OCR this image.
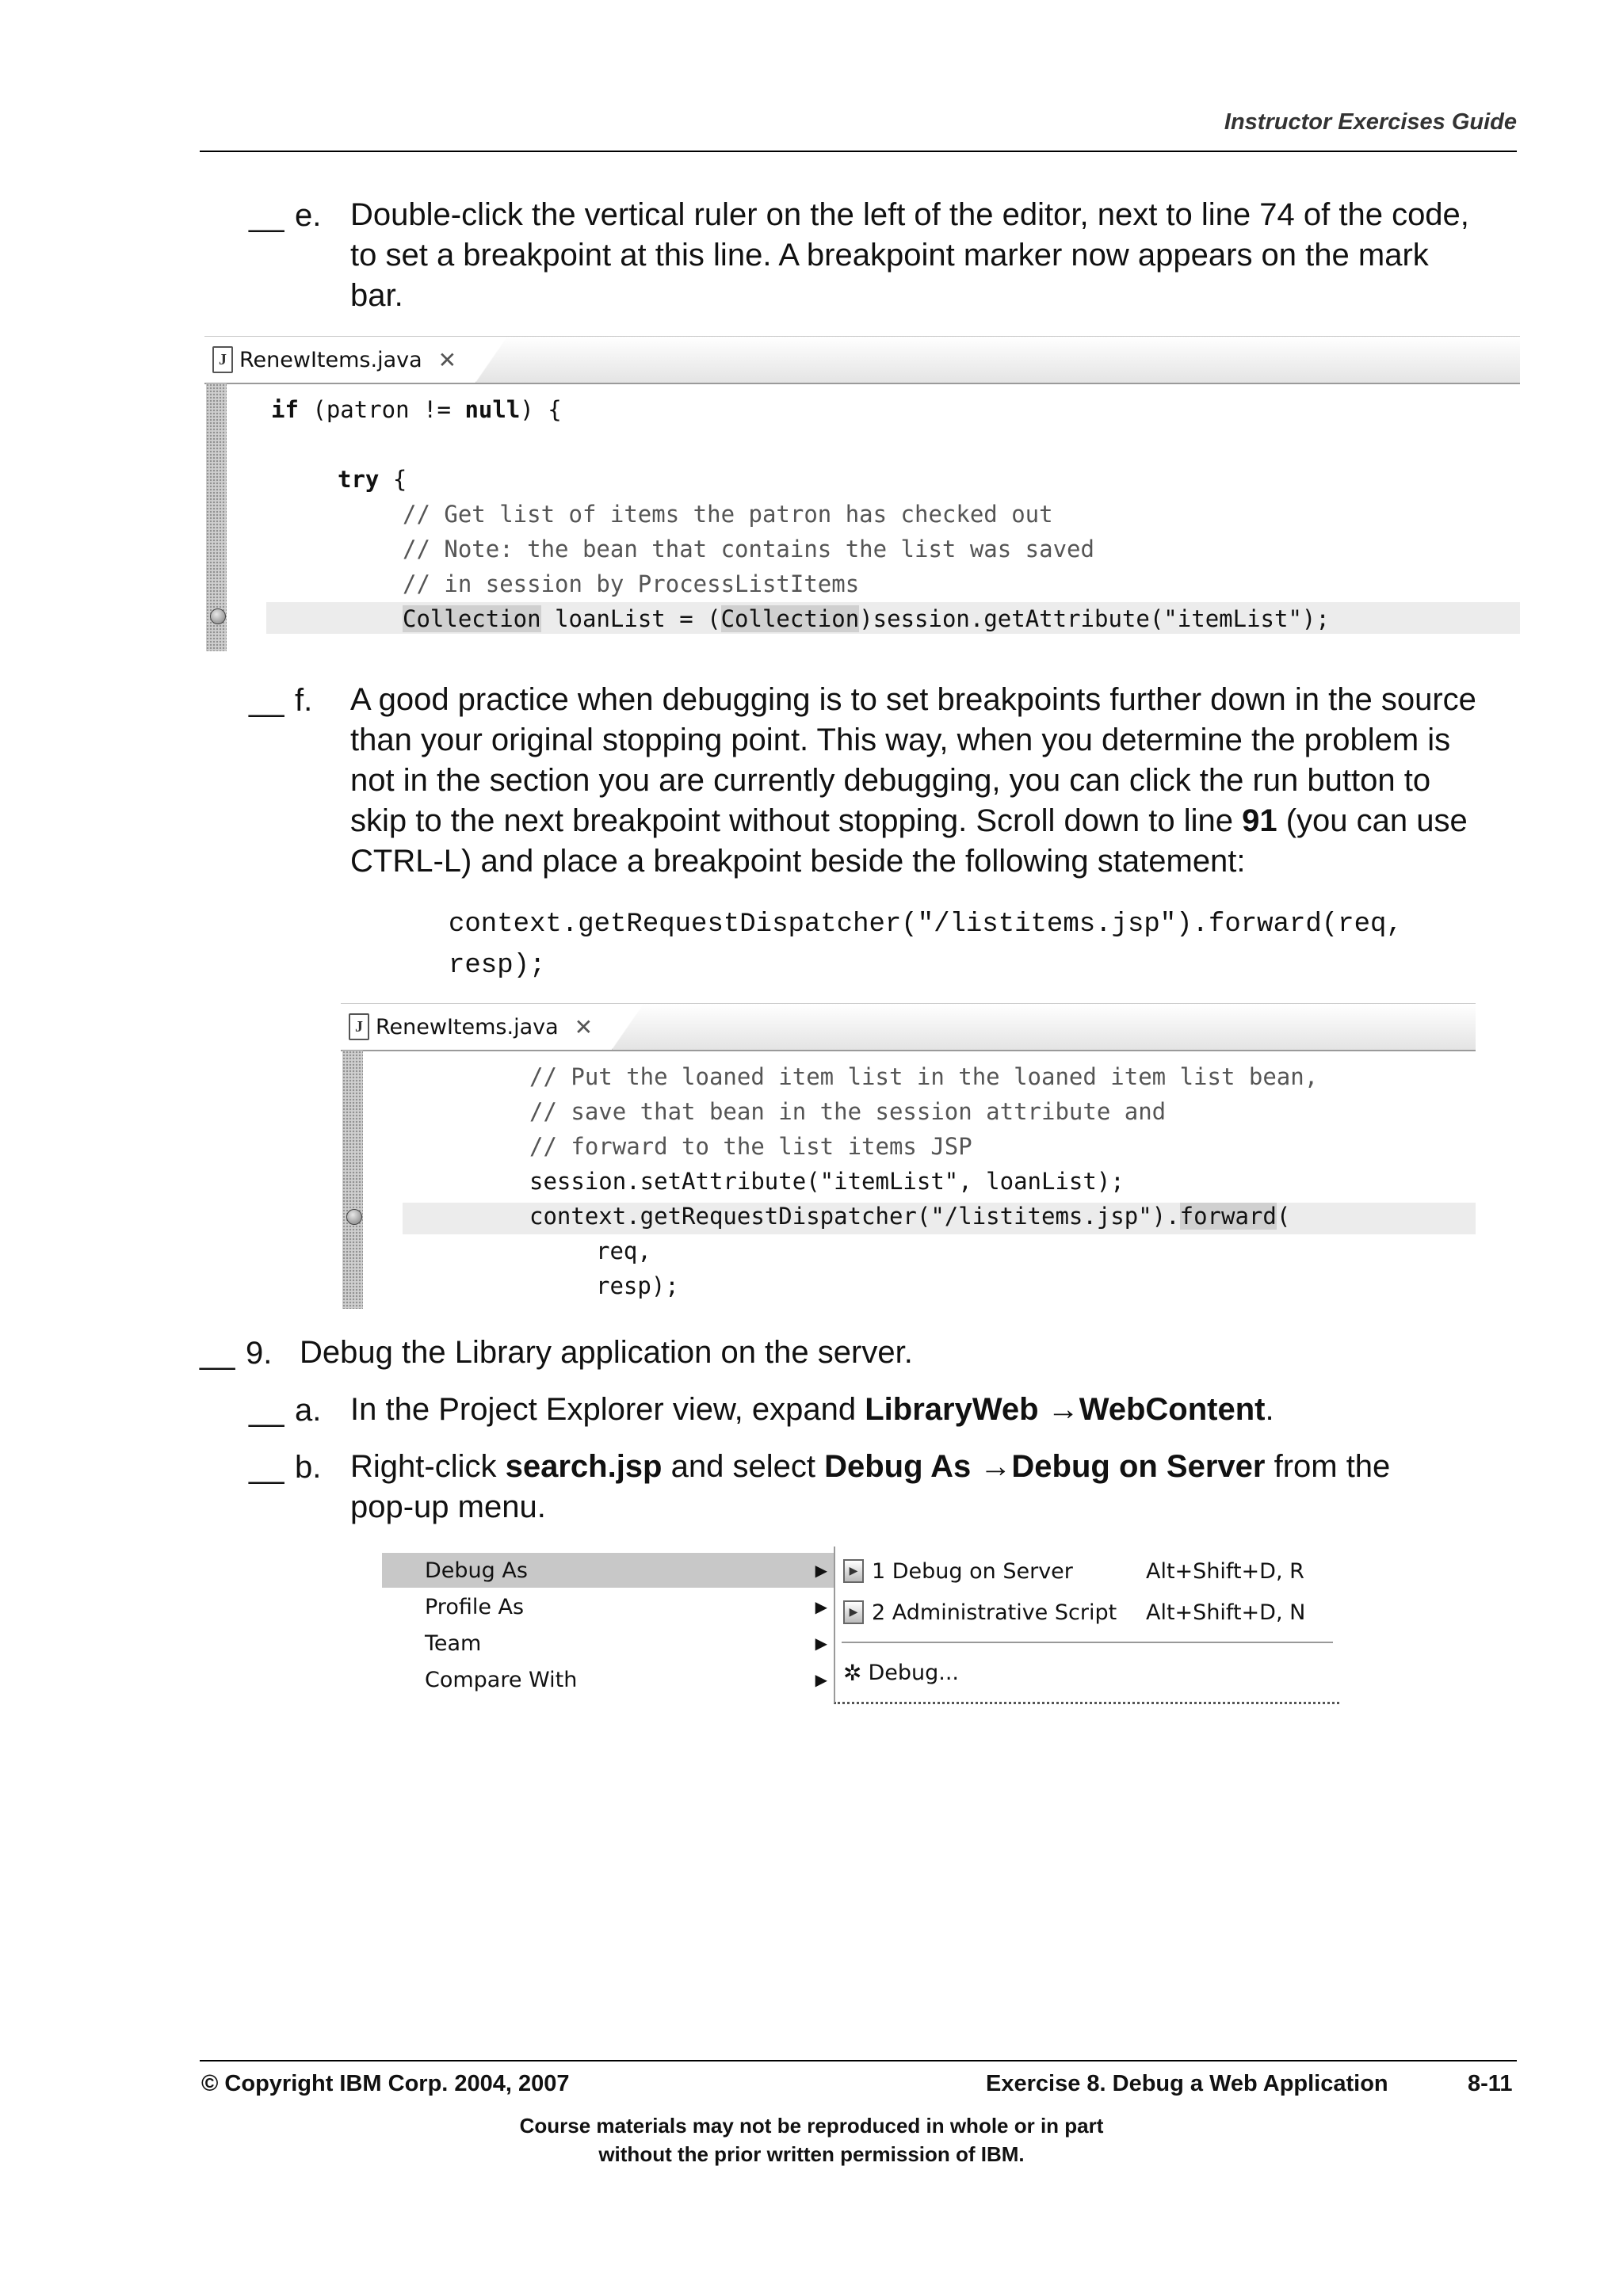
Instructor Exercises Guide
__ e. Double-click the vertical ruler on the left of the editor, next to line 74 of the code,
to set a breakpoint at this line. A breakpoint marker now appears on the mark
bar.
J RenewItems.java ✕
if (patron != null) {
try {
// Get list of items the patron has checked out
// Note: the bean that contains the list was saved
// in session by ProcessListItems
Collection loanList = (Collection)session.getAttribute("itemList");
__ f. A good practice when debugging is to set breakpoints further down in the source
than your original stopping point. This way, when you determine the problem is
not in the section you are currently debugging, you can click the run button to
skip to the next breakpoint without stopping. Scroll down to line 91 (you can use
CTRL-L) and place a breakpoint beside the following statement:
context.getRequestDispatcher("/listitems.jsp").forward(req,
resp);
J RenewItems.java ✕
// Put the loaned item list in the loaned item list bean,
// save that bean in the session attribute and
// forward to the list items JSP
session.setAttribute("itemList", loanList);
context.getRequestDispatcher("/listitems.jsp").forward(
req,
resp);
__ 9. Debug the Library application on the server.
__ a. In the Project Explorer view, expand LibraryWeb →WebContent.
__ b. Right-click search.jsp and select Debug As →Debug on Server from the
pop-up menu.
Debug As	▶
Profile As	▶
Team	▶
Compare With	▶
▶ 1 Debug on Server	Alt+Shift+D, R
▶ 2 Administrative Script Alt+Shift+D, N
✲ Debug...
© Copyright IBM Corp. 2004, 2007	Exercise 8. Debug a Web Application	8-11
Course materials may not be reproduced in whole or in part
without the prior written permission of IBM.
